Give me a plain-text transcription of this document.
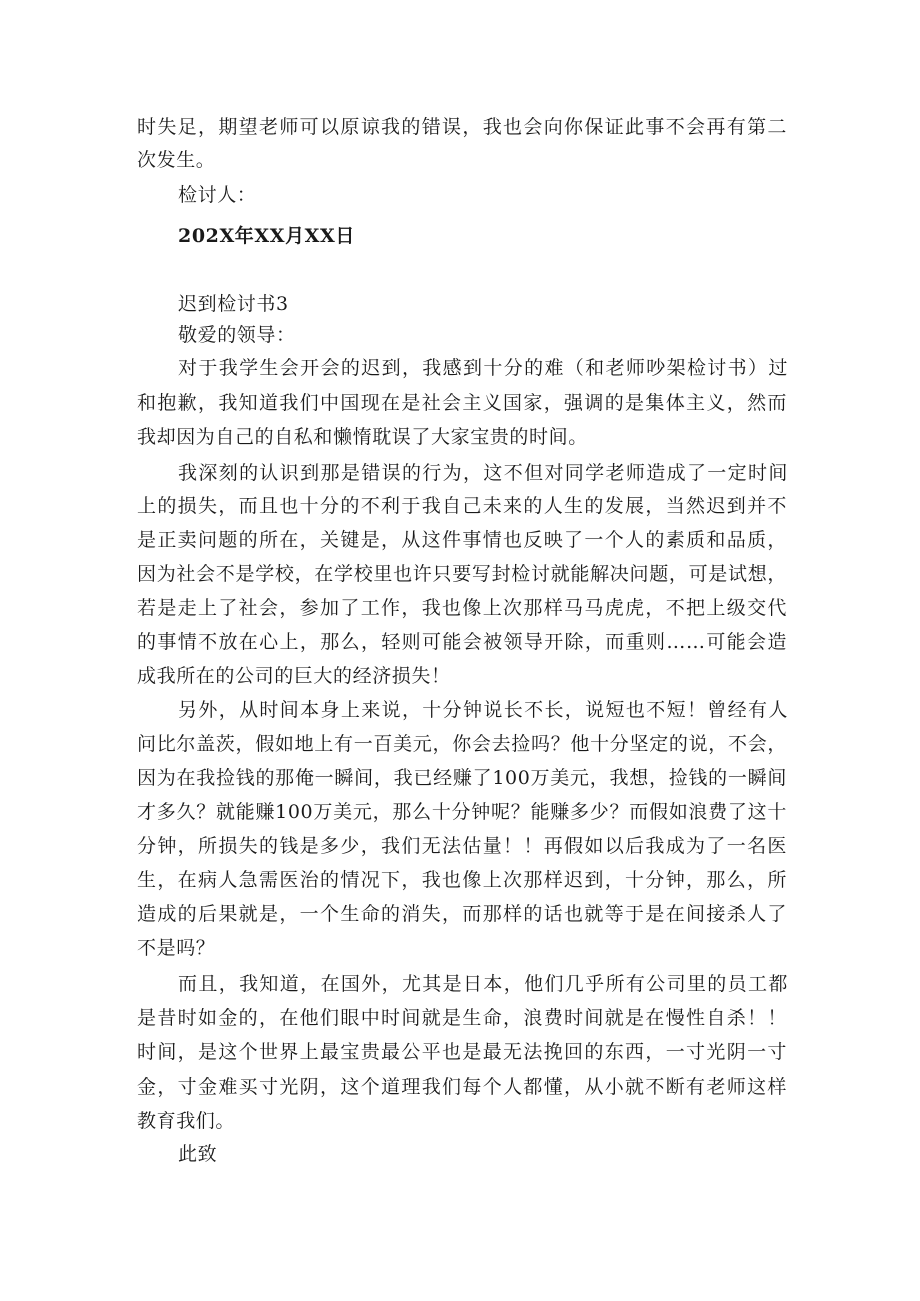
时失足，期望老师可以原谅我的错误，我也会向你保证此事不会再有第二
次发生。
检讨人：
202X年XX月XX日
迟到检讨书3
敬爱的领导：
对于我学生会开会的迟到，我感到十分的难（和老师吵架检讨书）过
和抱歉，我知道我们中国现在是社会主义国家，强调的是集体主义，然而
我却因为自己的自私和懒惰耽误了大家宝贵的时间。
我深刻的认识到那是错误的行为，这不但对同学老师造成了一定时间
上的损失，而且也十分的不利于我自己未来的人生的发展，当然迟到并不
是正卖问题的所在，关键是，从这件事情也反映了一个人的素质和品质，
因为社会不是学校，在学校里也许只要写封检讨就能解决问题，可是试想，
若是走上了社会，参加了工作，我也像上次那样马马虎虎，不把上级交代
的事情不放在心上，那么，轻则可能会被领导开除，而重则……可能会造
成我所在的公司的巨大的经济损失！
另外，从时间本身上来说，十分钟说长不长，说短也不短！曾经有人
问比尔盖茨，假如地上有一百美元，你会去捡吗？他十分坚定的说，不会，
因为在我捡钱的那俺一瞬间，我已经赚了100万美元，我想，捡钱的一瞬间
才多久？就能赚100万美元，那么十分钟呢？能赚多少？而假如浪费了这十
分钟，所损失的钱是多少，我们无法估量！！再假如以后我成为了一名医
生，在病人急需医治的情况下，我也像上次那样迟到，十分钟，那么，所
造成的后果就是，一个生命的消失，而那样的话也就等于是在间接杀人了
不是吗？
而且，我知道，在国外，尤其是日本，他们几乎所有公司里的员工都
是昔时如金的，在他们眼中时间就是生命，浪费时间就是在慢性自杀！！
时间，是这个世界上最宝贵最公平也是最无法挽回的东西，一寸光阴一寸
金，寸金难买寸光阴，这个道理我们每个人都懂，从小就不断有老师这样
教育我们。
此致
